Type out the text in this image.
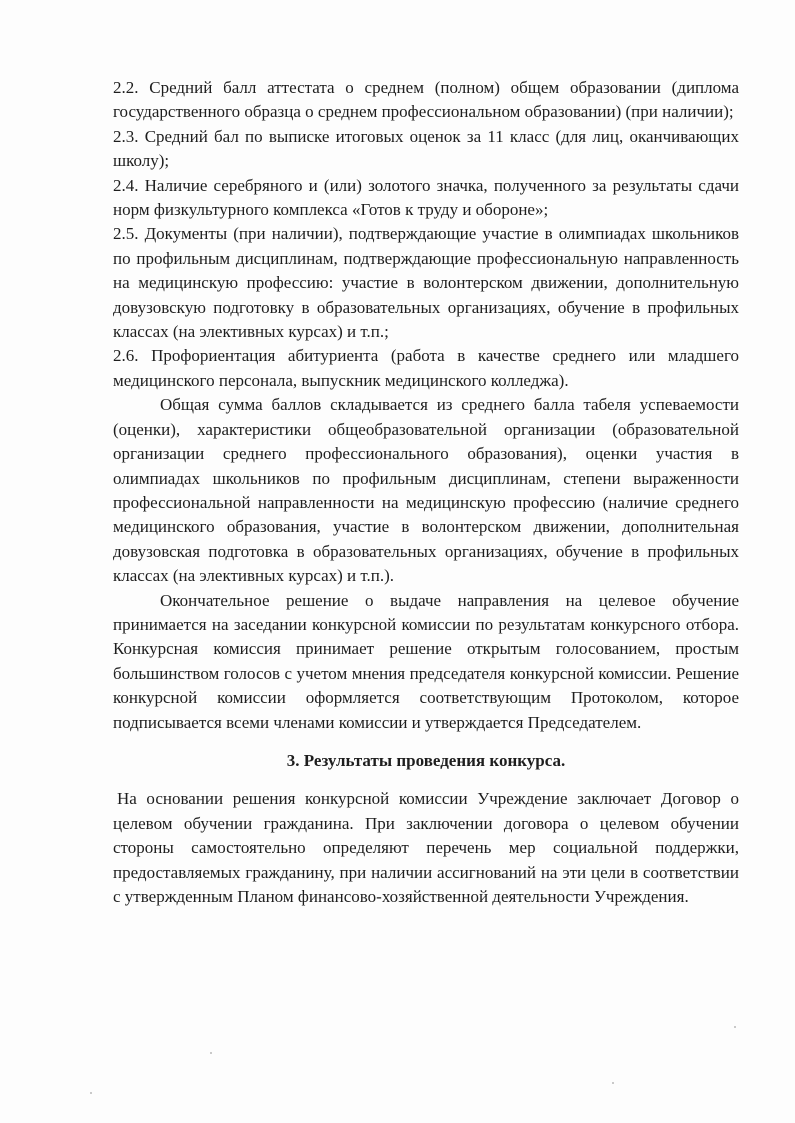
2.2. Средний балл аттестата о среднем (полном) общем образовании (диплома государственного образца о среднем профессиональном образовании) (при наличии);

2.3. Средний бал по выписке итоговых оценок за 11 класс (для лиц, оканчивающих школу);

2.4. Наличие серебряного и (или) золотого значка, полученного за результаты сдачи норм физкультурного комплекса «Готов к труду и обороне»;

2.5. Документы (при наличии), подтверждающие участие в олимпиадах школьников по профильным дисциплинам, подтверждающие профессиональную направленность на медицинскую профессию: участие в волонтерском движении, дополнительную довузовскую подготовку в образовательных организациях, обучение в профильных классах (на элективных курсах) и т.п.;

2.6. Профориентация абитуриента (работа в качестве среднего или младшего медицинского персонала, выпускник медицинского колледжа).

Общая сумма баллов складывается из среднего балла табеля успеваемости (оценки), характеристики общеобразовательной организации (образовательной организации среднего профессионального образования), оценки участия в олимпиадах школьников по профильным дисциплинам, степени выраженности профессиональной направленности на медицинскую профессию (наличие среднего медицинского образования, участие в волонтерском движении, дополнительная довузовская подготовка в образовательных организациях, обучение в профильных классах (на элективных курсах) и т.п.).

Окончательное решение о выдаче направления на целевое обучение принимается на заседании конкурсной комиссии по результатам конкурсного отбора. Конкурсная комиссия принимает решение открытым голосованием, простым большинством голосов с учетом мнения председателя конкурсной комиссии. Решение конкурсной комиссии оформляется соответствующим Протоколом, которое подписывается всеми членами комиссии и утверждается Председателем.

3. Результаты проведения конкурса.

На основании решения конкурсной комиссии Учреждение заключает Договор о целевом обучении гражданина. При заключении договора о целевом обучении стороны самостоятельно определяют перечень мер социальной поддержки, предоставляемых гражданину, при наличии ассигнований на эти цели в соответствии с утвержденным Планом финансово-хозяйственной деятельности Учреждения.
